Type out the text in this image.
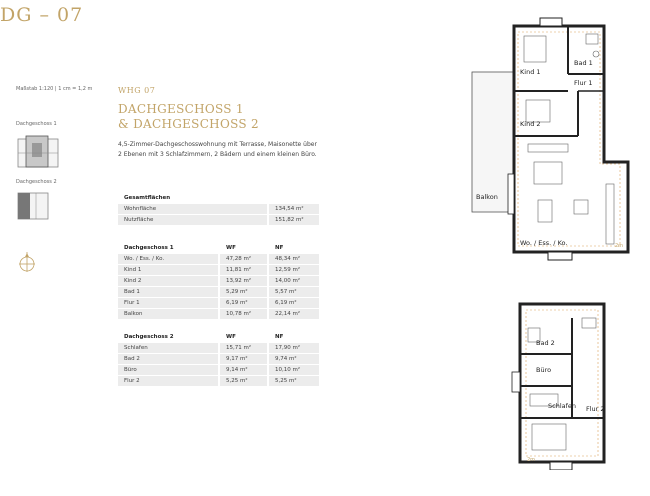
DG – 07
Maßstab 1:120 | 1 cm = 1,2 m
Dachgeschoss 1
Dachgeschoss 2
WHG 07
DACHGESCHOSS 1
& DACHGESCHOSS 2
4,5-Zimmer-Dachgeschosswohnung mit Terrasse, Maisonette über
2 Ebenen mit 3 Schlafzimmern, 2 Bädern und einem kleinen Büro.
Gesamtflächen	
Wohnfläche	134,54 m²
Nutzfläche	151,82 m²
Dachgeschoss 1	WF	NF
Wo. / Ess. / Ko.	47,28 m²	48,34 m²
Kind 1	11,81 m²	12,59 m²
Kind 2	13,92 m²	14,00 m²
Bad 1	5,29 m²	5,57 m²
Flur 1	6,19 m²	6,19 m²
Balkon	10,78 m²	22,14 m²
Dachgeschoss 2	WF	NF
Schlafen	15,71 m²	17,90 m²
Bad 2	9,17 m²	9,74 m²
Büro	9,14 m²	10,10 m²
Flur 2	5,25 m²	5,25 m²
Kind 1
Bad 1
Flur 1
Kind 2
Balkon
Wo. / Ess. / Ko.	2m
Bad 2
Büro
Schlafen Flur 2
2m
